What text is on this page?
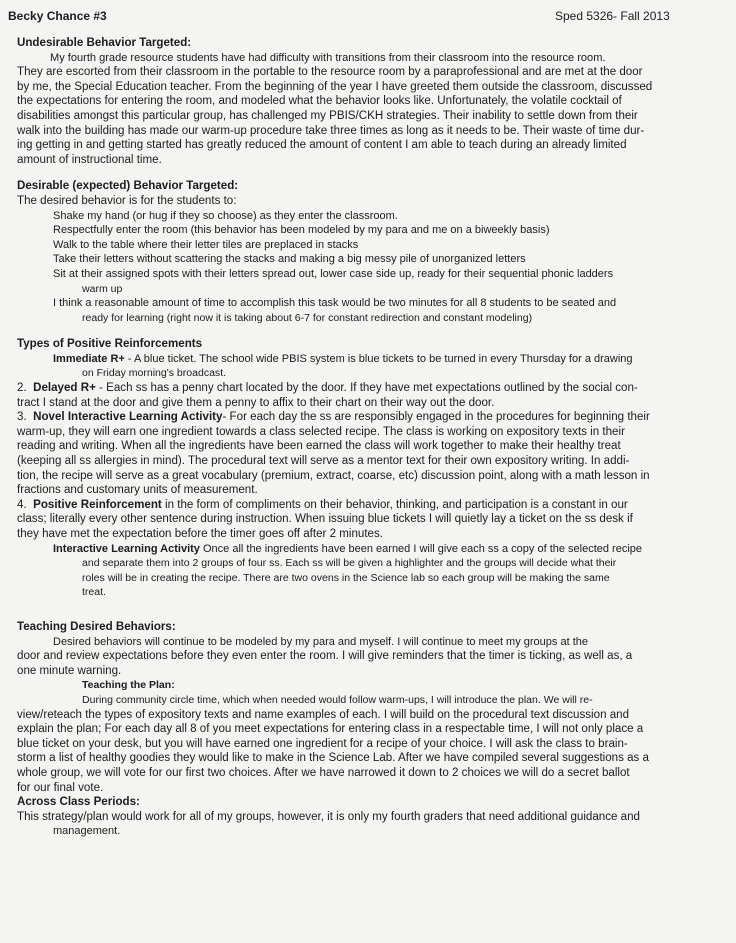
Becky Chance #3	Sped 5326- Fall 2013
Undesirable Behavior Targeted:
My fourth grade resource students have had difficulty with transitions from their classroom into the resource room.
They are escorted from their classroom in the portable to the resource room by a paraprofessional and are met at the door
by me, the Special Education teacher. From the beginning of the year I have greeted them outside the classroom, discussed
the expectations for entering the room, and modeled what the behavior looks like. Unfortunately, the volatile cocktail of
disabilities amongst this particular group, has challenged my PBIS/CKH strategies. Their inability to settle down from their
walk into the building has made our warm-up procedure take three times as long as it needs to be. Their waste of time dur-
ing getting in and getting started has greatly reduced the amount of content I am able to teach during an already limited
amount of instructional time.
Desirable (expected) Behavior Targeted:
The desired behavior is for the students to:
Shake my hand (or hug if they so choose) as they enter the classroom.
Respectfully enter the room (this behavior has been modeled by my para and me on a biweekly basis)
Walk to the table where their letter tiles are preplaced in stacks
Take their letters without scattering the stacks and making a big messy pile of unorganized letters
Sit at their assigned spots with their letters spread out, lower case side up, ready for their sequential phonic ladders
warm up
I think a reasonable amount of time to accomplish this task would be two minutes for all 8 students to be seated and
ready for learning (right now it is taking about 6-7 for constant redirection and constant modeling)
Types of Positive Reinforcements
Immediate R+ - A blue ticket. The school wide PBIS system is blue tickets to be turned in every Thursday for a drawing
on Friday morning's broadcast.
2. Delayed R+ - Each ss has a penny chart located by the door. If they have met expectations outlined by the social con-
tract I stand at the door and give them a penny to affix to their chart on their way out the door.
3. Novel Interactive Learning Activity- For each day the ss are responsibly engaged in the procedures for beginning their
warm-up, they will earn one ingredient towards a class selected recipe. The class is working on expository texts in their
reading and writing. When all the ingredients have been earned the class will work together to make their healthy treat
(keeping all ss allergies in mind). The procedural text will serve as a mentor text for their own expository writing. In addi-
tion, the recipe will serve as a great vocabulary (premium, extract, coarse, etc) discussion point, along with a math lesson in
fractions and customary units of measurement.
4. Positive Reinforcement in the form of compliments on their behavior, thinking, and participation is a constant in our
class; literally every other sentence during instruction. When issuing blue tickets I will quietly lay a ticket on the ss desk if
they have met the expectation before the timer goes off after 2 minutes.
Interactive Learning Activity Once all the ingredients have been earned I will give each ss a copy of the selected recipe
and separate them into 2 groups of four ss. Each ss will be given a highlighter and the groups will decide what their
roles will be in creating the recipe. There are two ovens in the Science lab so each group will be making the same
treat.
Teaching Desired Behaviors:
Desired behaviors will continue to be modeled by my para and myself. I will continue to meet my groups at the
door and review expectations before they even enter the room. I will give reminders that the timer is ticking, as well as, a
one minute warning.
Teaching the Plan:
During community circle time, which when needed would follow warm-ups, I will introduce the plan. We will re-
view/reteach the types of expository texts and name examples of each. I will build on the procedural text discussion and
explain the plan; For each day all 8 of you meet expectations for entering class in a respectable time, I will not only place a
blue ticket on your desk, but you will have earned one ingredient for a recipe of your choice. I will ask the class to brain-
storm a list of healthy goodies they would like to make in the Science Lab. After we have compiled several suggestions as a
whole group, we will vote for our first two choices. After we have narrowed it down to 2 choices we will do a secret ballot
for our final vote.
Across Class Periods:
This strategy/plan would work for all of my groups, however, it is only my fourth graders that need additional guidance and
management.
